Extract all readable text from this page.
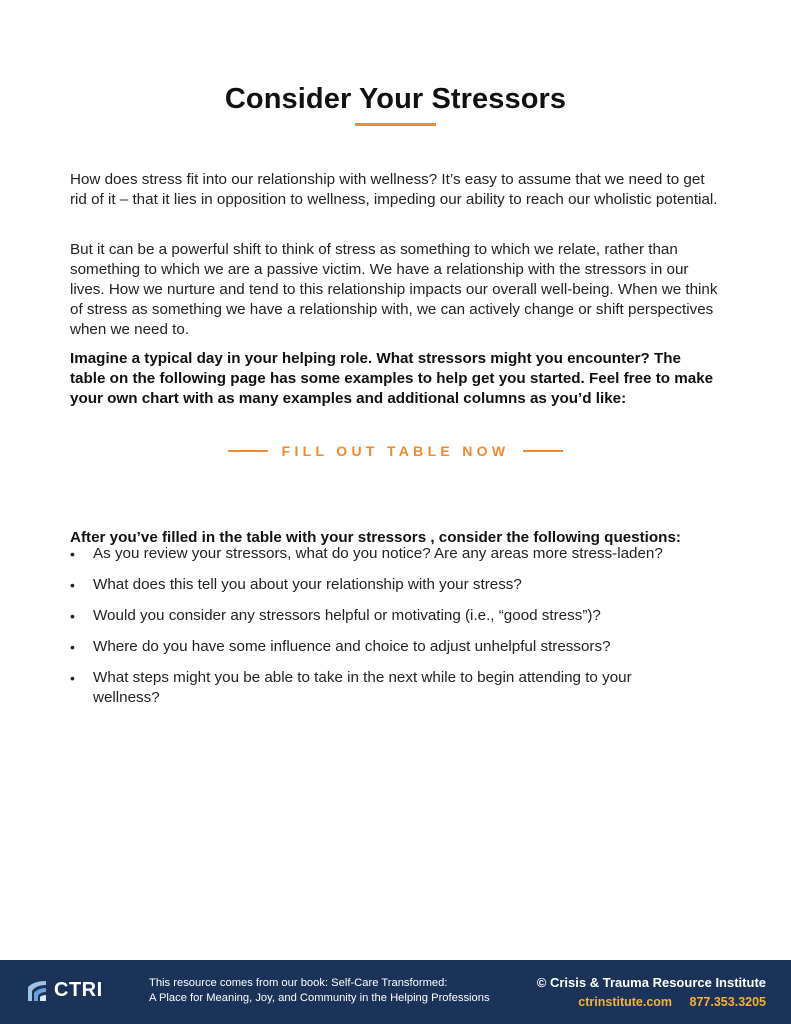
Consider Your Stressors

How does stress fit into our relationship with wellness? It’s easy to assume that we need to get rid of it – that it lies in opposition to wellness, impeding our ability to reach our wholistic potential.

But it can be a powerful shift to think of stress as something to which we relate, rather than something to which we are a passive victim. We have a relationship with the stressors in our lives. How we nurture and tend to this relationship impacts our overall well-being. When we think of stress as something we have a relationship with, we can actively change or shift perspectives when we need to.

Imagine a typical day in your helping role. What stressors might you encounter? The table on the following page has some examples to help get you started. Feel free to make your own chart with as many examples and additional columns as you’d like:

FILL OUT TABLE NOW

After you’ve filled in the table with your stressors , consider the following questions:

• As you review your stressors, what do you notice? Are any areas more stress-laden?
• What does this tell you about your relationship with your stress?
• Would you consider any stressors helpful or motivating (i.e., “good stress”)?
• Where do you have some influence and choice to adjust unhelpful stressors?
• What steps might you be able to take in the next while to begin attending to your wellness?
CTRI	This resource comes from our book: Self-Care Transformed:
A Place for Meaning, Joy, and Community in the Helping Professions
© Crisis & Trauma Resource Institute
ctrinstitute.com 877.353.3205
